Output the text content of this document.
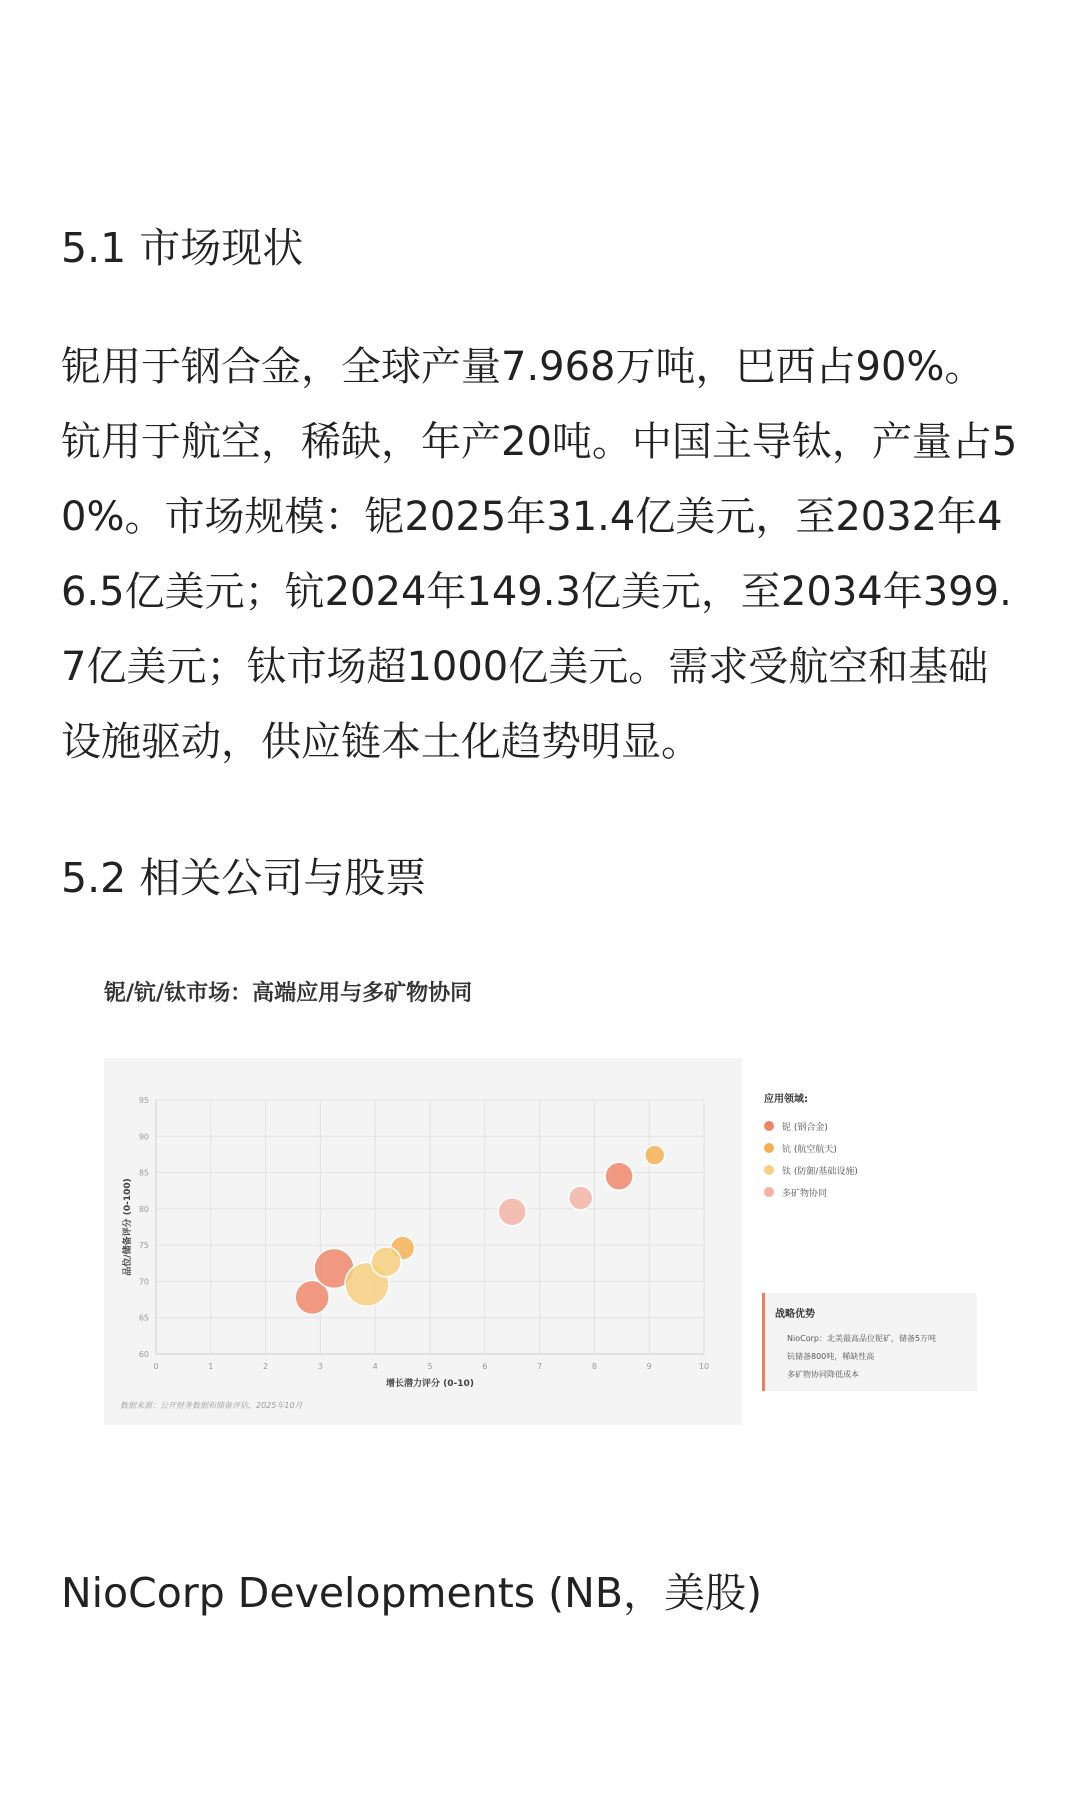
5.1 市场现状

铌用于钢合金，全球产量7.968万吨，巴西占90%。钪用于航空，稀缺，年产20吨。中国主导钛，产量占50%。市场规模：铌2025年31.4亿美元，至2032年46.5亿美元；钪2024年149.3亿美元，至2034年399.7亿美元；钛市场超1000亿美元。需求受航空和基础设施驱动，供应链本土化趋势明显。

5.2 相关公司与股票
铌/钪/钛市场：高端应用与多矿物协同
0	1	2	3	4	5	6	7	8	9	10
60
65
70
75
80
85
90
95
增长潜力评分 (0-10)
品位/储备评分 (0-100)
数据来源：公开财务数据和储备评估，2025年10月
应用领域:
铌 (钢合金)
钪 (航空航天)
钛 (防御/基础设施)
多矿物协同
战略优势
NioCorp：北美最高品位铌矿，储备5万吨
钪储备800吨，稀缺性高
多矿物协同降低成本
NioCorp Developments (NB，美股)
